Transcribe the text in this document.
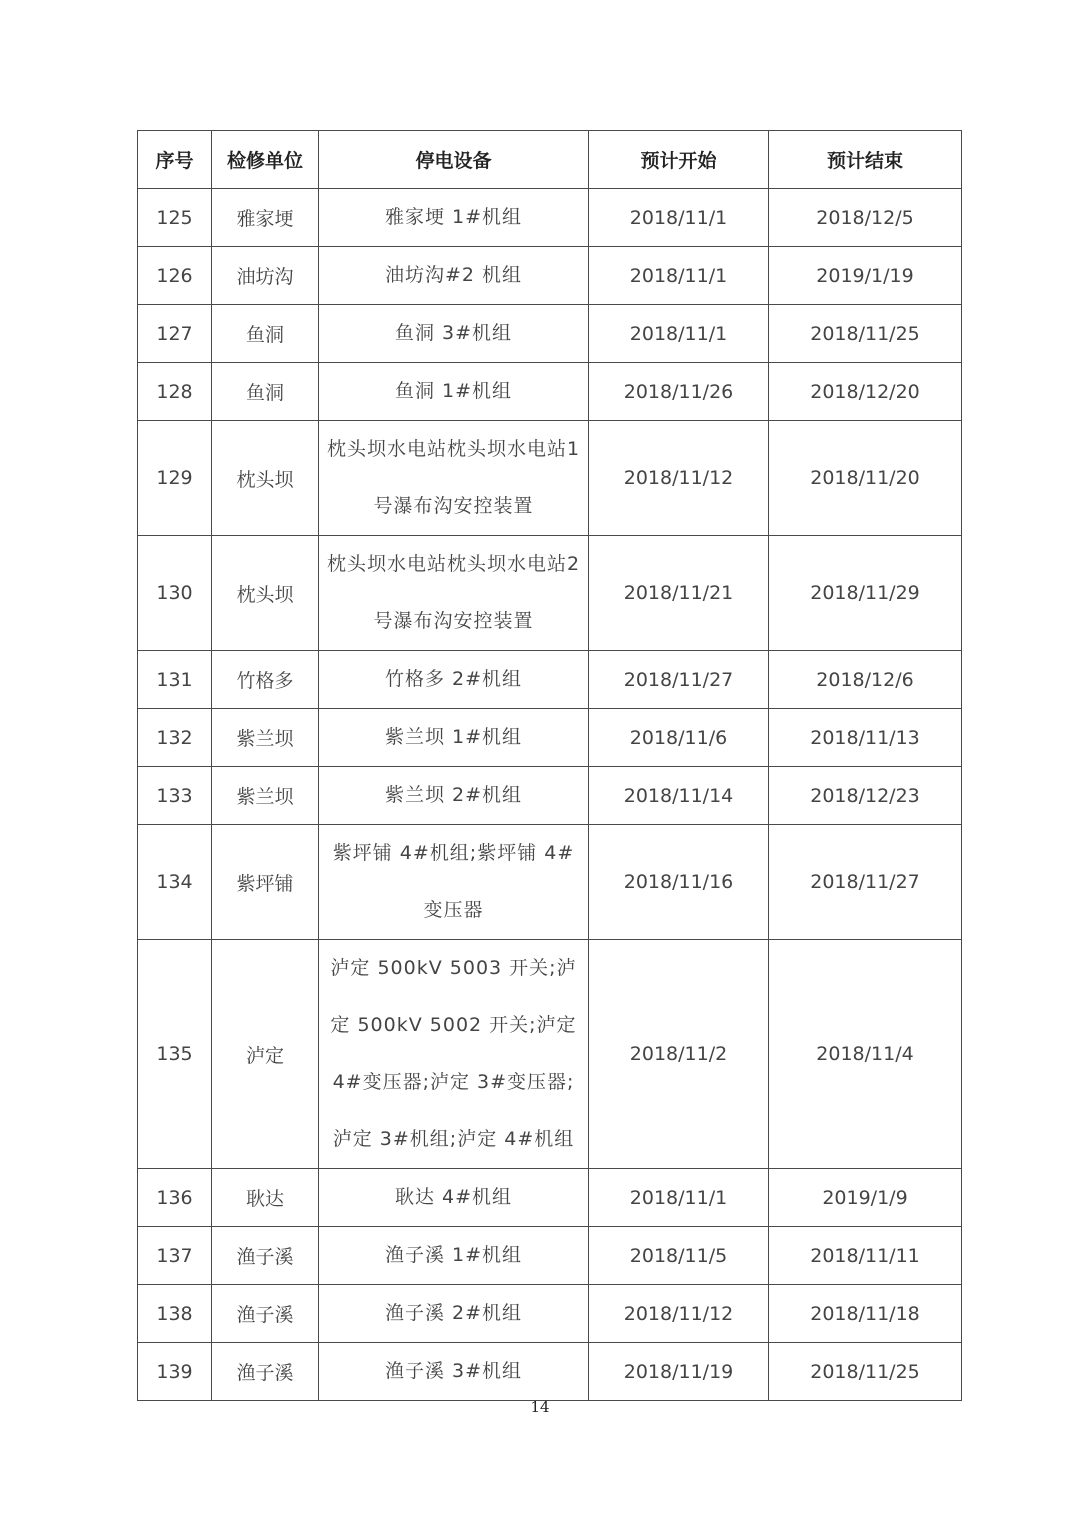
序号	检修单位	停电设备	预计开始	预计结束
125	雅家埂	雅家埂 1#机组	2018/11/1	2018/12/5
126	油坊沟	油坊沟#2 机组	2018/11/1	2019/1/19
127	鱼洞	鱼洞 3#机组	2018/11/1	2018/11/25
128	鱼洞	鱼洞 1#机组	2018/11/26	2018/12/20
129	枕头坝	枕头坝水电站枕头坝水电站1 号瀑布沟安控装置	2018/11/12	2018/11/20
130	枕头坝	枕头坝水电站枕头坝水电站2 号瀑布沟安控装置	2018/11/21	2018/11/29
131	竹格多	竹格多 2#机组	2018/11/27	2018/12/6
132	紫兰坝	紫兰坝 1#机组	2018/11/6	2018/11/13
133	紫兰坝	紫兰坝 2#机组	2018/11/14	2018/12/23
134	紫坪铺	紫坪铺 4#机组;紫坪铺 4#变压器	2018/11/16	2018/11/27
135	泸定	泸定 500kV 5003 开关;泸定 500kV 5002 开关;泸定 4#变压器;泸定 3#变压器;泸定 3#机组;泸定 4#机组	2018/11/2	2018/11/4
136	耿达	耿达 4#机组	2018/11/1	2019/1/9
137	渔子溪	渔子溪 1#机组	2018/11/5	2018/11/11
138	渔子溪	渔子溪 2#机组	2018/11/12	2018/11/18
139	渔子溪	渔子溪 3#机组	2018/11/19	2018/11/25
14
